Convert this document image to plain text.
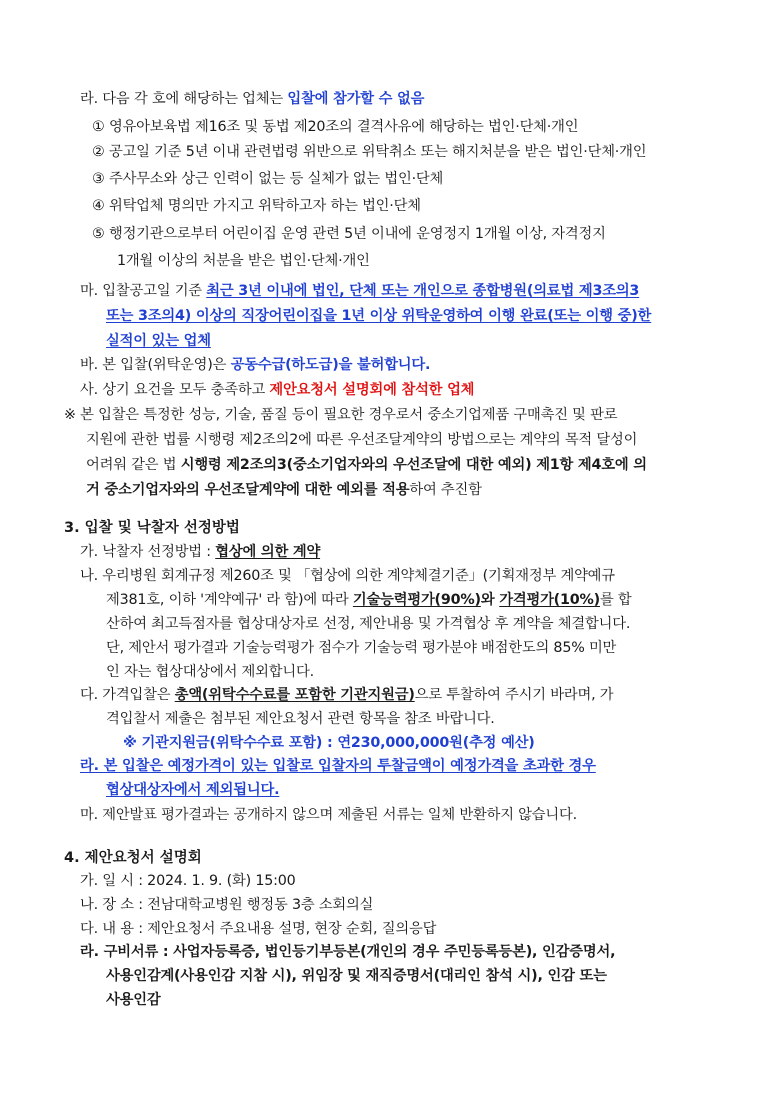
라. 다음 각 호에 해당하는 업체는 입찰에 참가할 수 없음
① 영유아보육법 제16조 및 동법 제20조의 결격사유에 해당하는 법인·단체·개인
② 공고일 기준 5년 이내 관련법령 위반으로 위탁취소 또는 해지처분을 받은 법인·단체·개인
③ 주사무소와 상근 인력이 없는 등 실체가 없는 법인·단체
④ 위탁업체 명의만 가지고 위탁하고자 하는 법인·단체
⑤ 행정기관으로부터 어린이집 운영 관련 5년 이내에 운영정지 1개월 이상, 자격정지
1개월 이상의 처분을 받은 법인·단체·개인
마. 입찰공고일 기준 최근 3년 이내에 법인, 단체 또는 개인으로 종합병원(의료법 제3조의3
또는 3조의4) 이상의 직장어린이집을 1년 이상 위탁운영하여 이행 완료(또는 이행 중)한
실적이 있는 업체
바. 본 입찰(위탁운영)은 공동수급(하도급)을 불허합니다.
사. 상기 요건을 모두 충족하고 제안요청서 설명회에 참석한 업체
※ 본 입찰은 특정한 성능, 기술, 품질 등이 필요한 경우로서 중소기업제품 구매촉진 및 판로
지원에 관한 법률 시행령 제2조의2에 따른 우선조달계약의 방법으로는 계약의 목적 달성이
어려워 같은 법 시행령 제2조의3(중소기업자와의 우선조달에 대한 예외) 제1항 제4호에 의
거 중소기업자와의 우선조달계약에 대한 예외를 적용하여 추진함
3. 입찰 및 낙찰자 선정방법
가. 낙찰자 선정방법 : 협상에 의한 계약
나. 우리병원 회계규정 제260조 및 「협상에 의한 계약체결기준」(기획재정부 계약예규
제381호, 이하 '계약예규' 라 함)에 따라 기술능력평가(90%)와 가격평가(10%)를 합
산하여 최고득점자를 협상대상자로 선정, 제안내용 및 가격협상 후 계약을 체결합니다.
단, 제안서 평가결과 기술능력평가 점수가 기술능력 평가분야 배점한도의 85% 미만
인 자는 협상대상에서 제외합니다.
다. 가격입찰은 총액(위탁수수료를 포함한 기관지원금)으로 투찰하여 주시기 바라며, 가
격입찰서 제출은 첨부된 제안요청서 관련 항목을 참조 바랍니다.
※ 기관지원금(위탁수수료 포함) : 연230,000,000원(추정 예산)
라. 본 입찰은 예정가격이 있는 입찰로 입찰자의 투찰금액이 예정가격을 초과한 경우
협상대상자에서 제외됩니다.
마. 제안발표 평가결과는 공개하지 않으며 제출된 서류는 일체 반환하지 않습니다.
4. 제안요청서 설명회
가. 일 시 : 2024. 1. 9. (화) 15:00
나. 장 소 : 전남대학교병원 행정동 3층 소회의실
다. 내 용 : 제안요청서 주요내용 설명, 현장 순회, 질의응답
라. 구비서류 : 사업자등록증, 법인등기부등본(개인의 경우 주민등록등본), 인감증명서,
사용인감계(사용인감 지참 시), 위임장 및 재직증명서(대리인 참석 시), 인감 또는
사용인감
